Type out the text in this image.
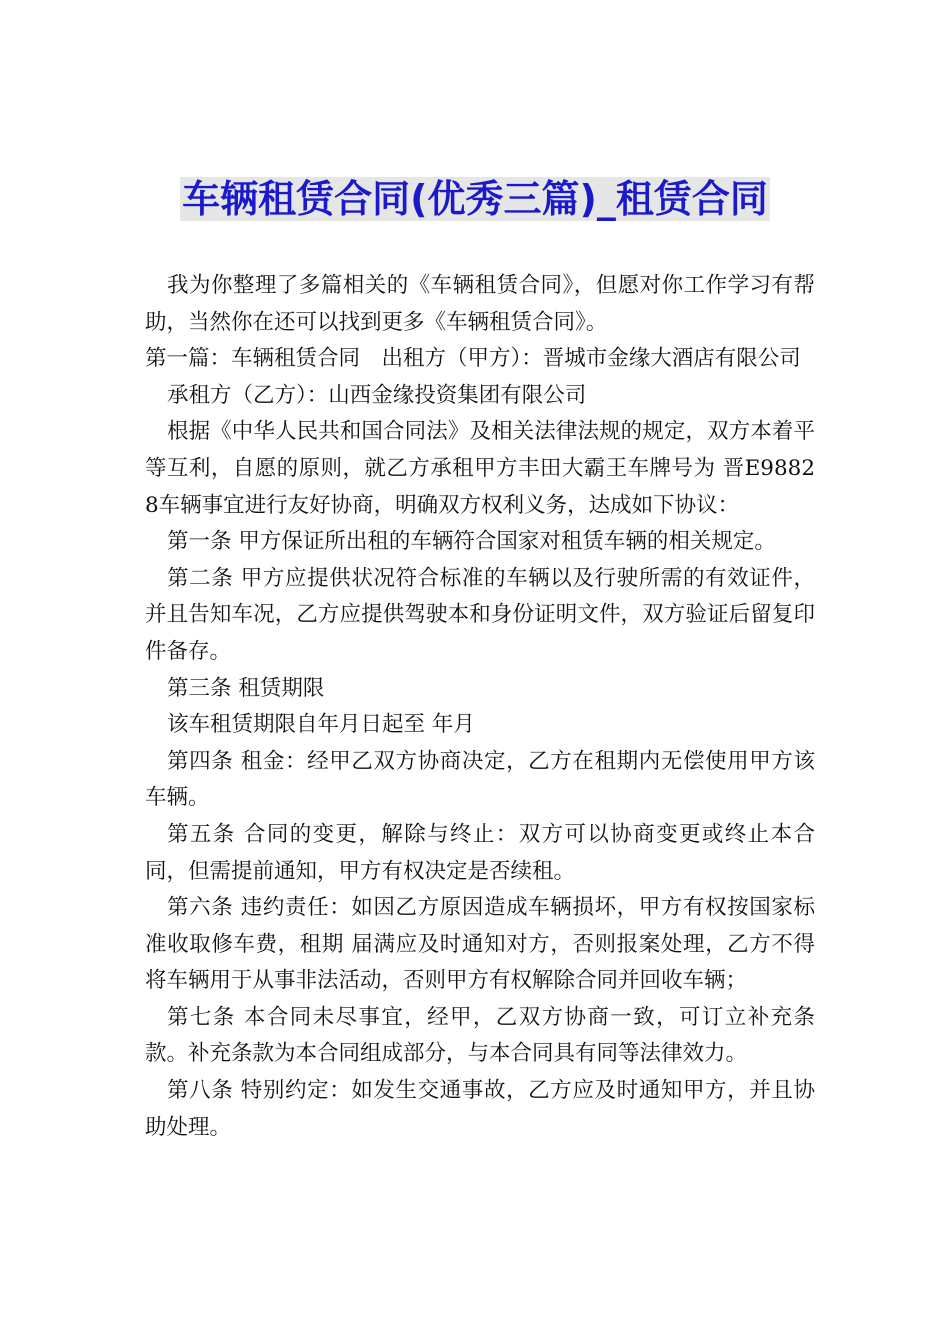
车辆租赁合同(优秀三篇)_租赁合同

我为你整理了多篇相关的《车辆租赁合同》，但愿对你工作学习有帮助，当然你在还可以找到更多《车辆租赁合同》。

第一篇：车辆租赁合同　出租方（甲方）：晋城市金缘大酒店有限公司

承租方（乙方）：山西金缘投资集团有限公司

根据《中华人民共和国合同法》及相关法律法规的规定，双方本着平等互利，自愿的原则，就乙方承租甲方丰田大霸王车牌号为 晋E98828车辆事宜进行友好协商，明确双方权利义务，达成如下协议：

第一条 甲方保证所出租的车辆符合国家对租赁车辆的相关规定。

第二条 甲方应提供状况符合标准的车辆以及行驶所需的有效证件，并且告知车况，乙方应提供驾驶本和身份证明文件，双方验证后留复印件备存。

第三条 租赁期限

该车租赁期限自年月日起至 年月

第四条 租金：经甲乙双方协商决定，乙方在租期内无偿使用甲方该车辆。

第五条 合同的变更，解除与终止：双方可以协商变更或终止本合同，但需提前通知，甲方有权决定是否续租。

第六条 违约责任：如因乙方原因造成车辆损坏，甲方有权按国家标准收取修车费，租期 届满应及时通知对方，否则报案处理，乙方不得将车辆用于从事非法活动，否则甲方有权解除合同并回收车辆；

第七条 本合同未尽事宜，经甲，乙双方协商一致，可订立补充条款。补充条款为本合同组成部分，与本合同具有同等法律效力。

第八条 特别约定：如发生交通事故，乙方应及时通知甲方，并且协助处理。
